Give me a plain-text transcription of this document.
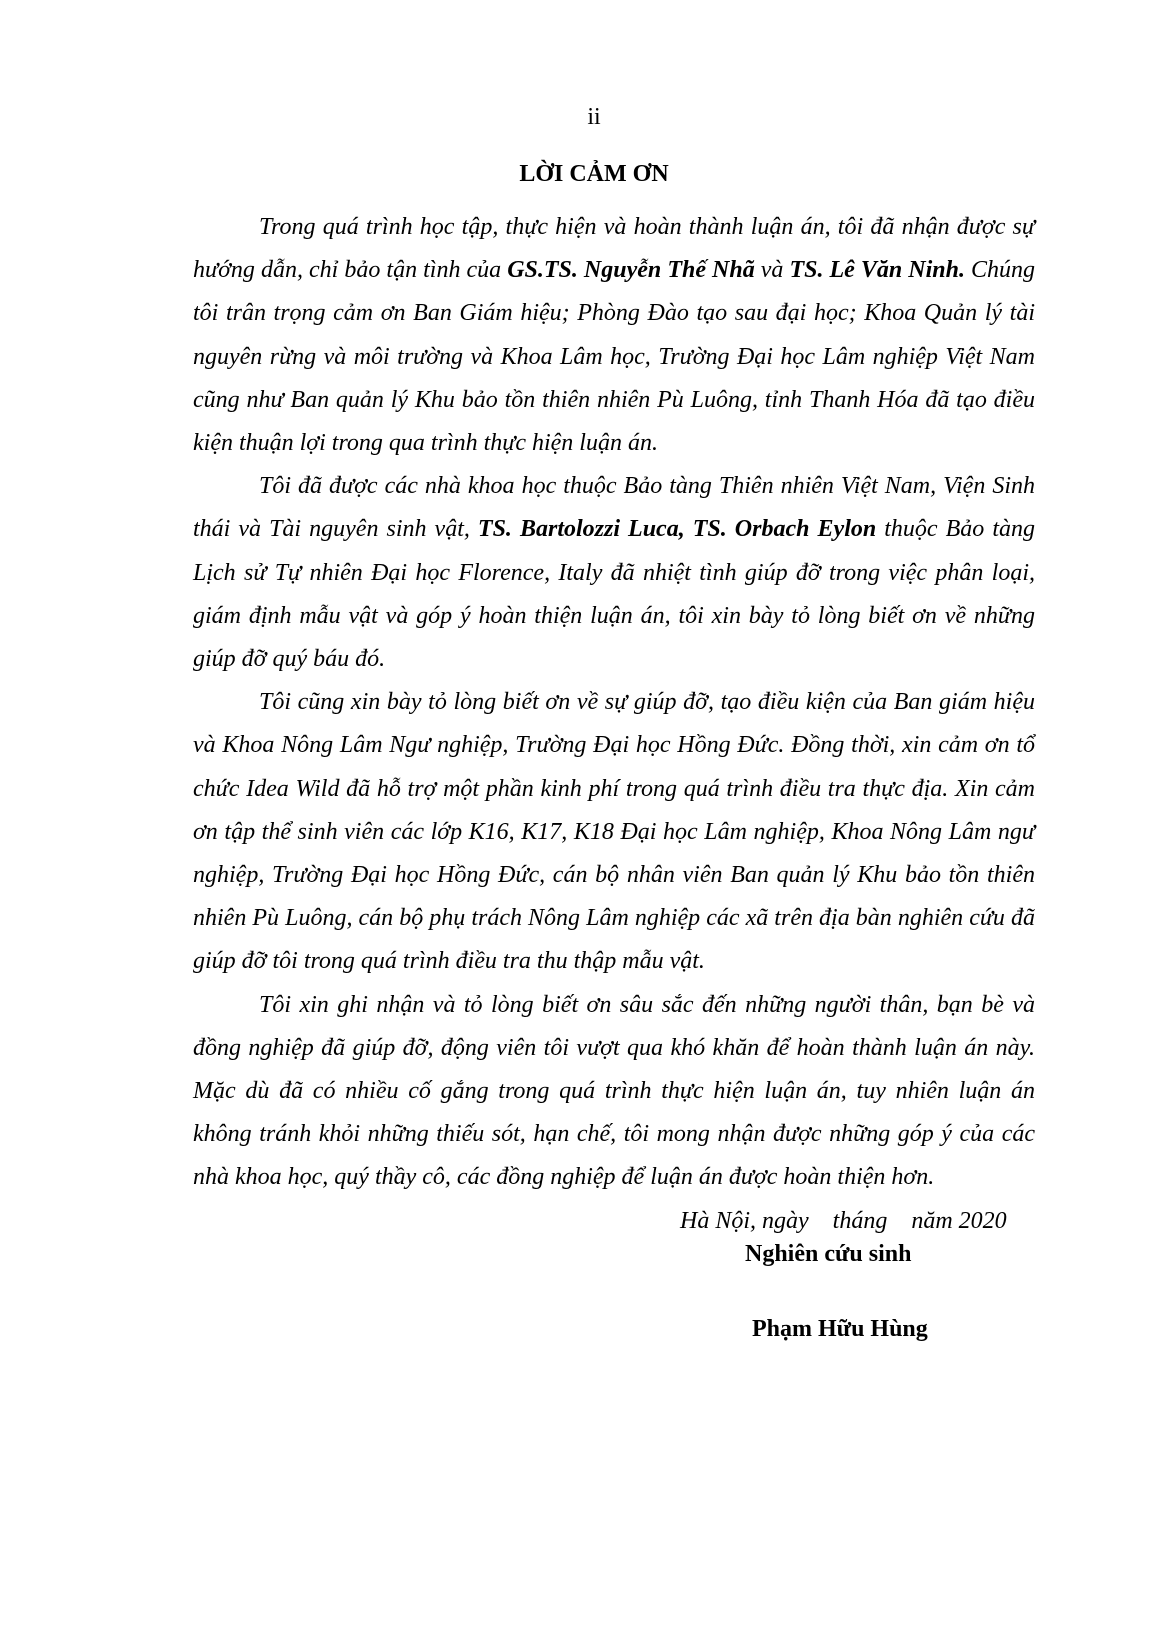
ii
LỜI CẢM ƠN

Trong quá trình học tập, thực hiện và hoàn thành luận án, tôi đã nhận được sự hướng dẫn, chỉ bảo tận tình của GS.TS. Nguyễn Thế Nhã và TS. Lê Văn Ninh. Chúng tôi trân trọng cảm ơn Ban Giám hiệu; Phòng Đào tạo sau đại học; Khoa Quản lý tài nguyên rừng và môi trường và Khoa Lâm học, Trường Đại học Lâm nghiệp Việt Nam cũng như Ban quản lý Khu bảo tồn thiên nhiên Pù Luông, tỉnh Thanh Hóa đã tạo điều kiện thuận lợi trong qua trình thực hiện luận án.

Tôi đã được các nhà khoa học thuộc Bảo tàng Thiên nhiên Việt Nam, Viện Sinh thái và Tài nguyên sinh vật, TS. Bartolozzi Luca, TS. Orbach Eylon thuộc Bảo tàng Lịch sử Tự nhiên Đại học Florence, Italy đã nhiệt tình giúp đỡ trong việc phân loại, giám định mẫu vật và góp ý hoàn thiện luận án, tôi xin bày tỏ lòng biết ơn về những giúp đỡ quý báu đó.

Tôi cũng xin bày tỏ lòng biết ơn về sự giúp đỡ, tạo điều kiện của Ban giám hiệu và Khoa Nông Lâm Ngư nghiệp, Trường Đại học Hồng Đức. Đồng thời, xin cảm ơn tổ chức Idea Wild đã hỗ trợ một phần kinh phí trong quá trình điều tra thực địa. Xin cảm ơn tập thể sinh viên các lớp K16, K17, K18 Đại học Lâm nghiệp, Khoa Nông Lâm ngư nghiệp, Trường Đại học Hồng Đức, cán bộ nhân viên Ban quản lý Khu bảo tồn thiên nhiên Pù Luông, cán bộ phụ trách Nông Lâm nghiệp các xã trên địa bàn nghiên cứu đã giúp đỡ tôi trong quá trình điều tra thu thập mẫu vật.

Tôi xin ghi nhận và tỏ lòng biết ơn sâu sắc đến những người thân, bạn bè và đồng nghiệp đã giúp đỡ, động viên tôi vượt qua khó khăn để hoàn thành luận án này. Mặc dù đã có nhiều cố gắng trong quá trình thực hiện luận án, tuy nhiên luận án không tránh khỏi những thiếu sót, hạn chế, tôi mong nhận được những góp ý của các nhà khoa học, quý thầy cô, các đồng nghiệp để luận án được hoàn thiện hơn.

Hà Nội, ngày    tháng    năm 2020
Nghiên cứu sinh
Phạm Hữu Hùng
